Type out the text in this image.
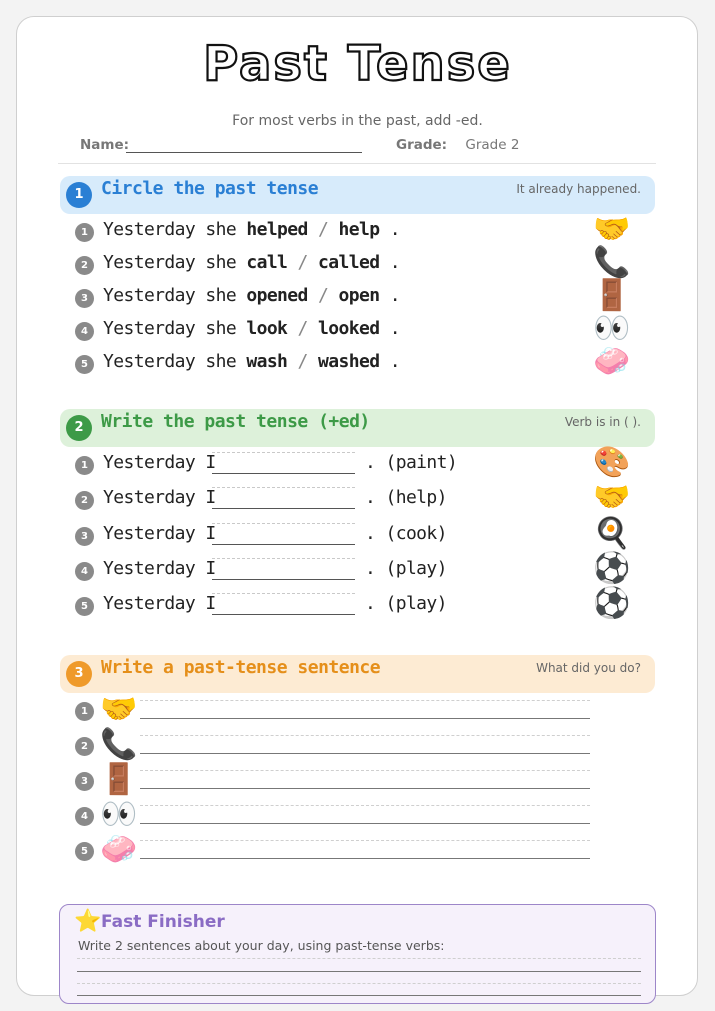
Past Tense
For most verbs in the past, add -ed.
Name:	Grade: Grade 2
1 Circle the past tense	It already happened.
1 Yesterday she helped / help .	🤝
2 Yesterday she call / called .	📞
3 Yesterday she opened / open .	🚪
4 Yesterday she look / looked .	👀
5 Yesterday she wash / washed .	🧼
2 Write the past tense (+ed)	Verb is in ( ).
1 Yesterday I	. (paint)	🎨
2 Yesterday I	. (help)	🤝
3 Yesterday I	. (cook)	🍳
4 Yesterday I	. (play)	⚽
5 Yesterday I	. (play)	⚽
3 Write a past-tense sentence	What did you do?
1 🤝
2 📞
3 🚪
4 👀
5 🧼
⭐ Fast Finisher
Write 2 sentences about your day, using past-tense verbs:
